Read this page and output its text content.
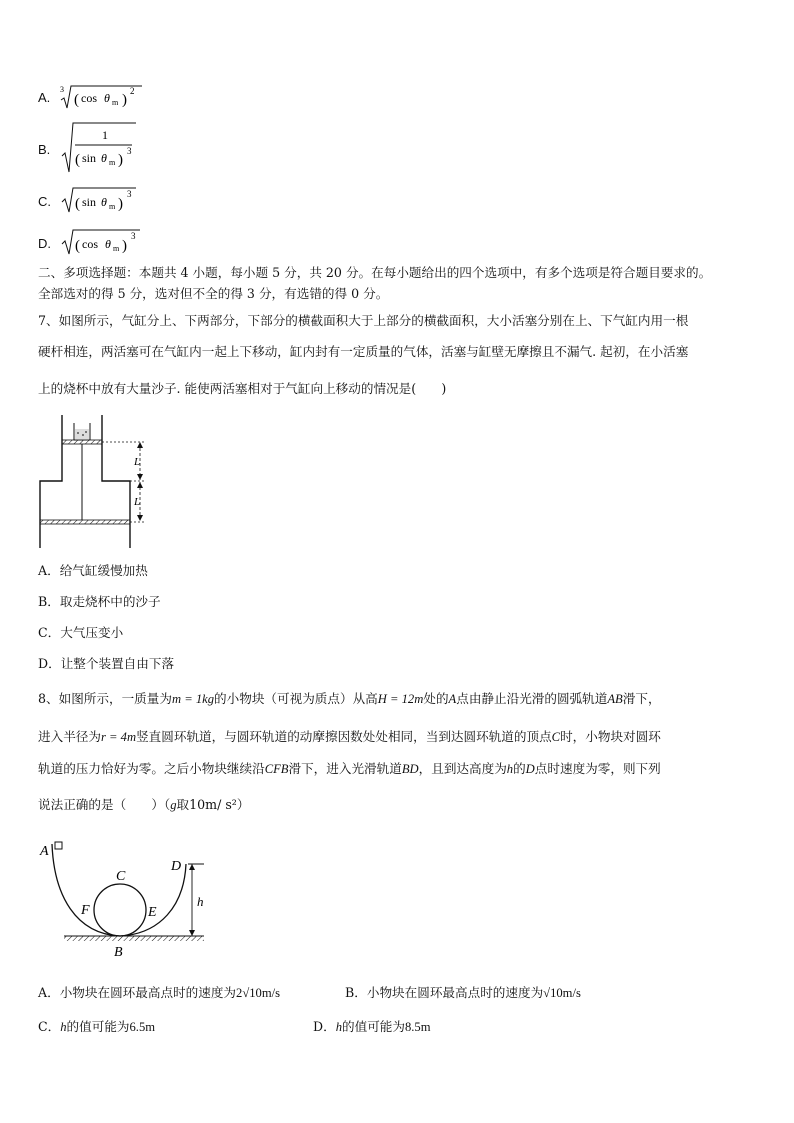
A.
3
( cos θ m )
2
B.
1
( sin θ m )
3
C. ( sin θ m )
3
D. ( cos θ m )
3
二、多项选择题：本题共 4 小题，每小题 5 分，共 20 分。在每小题给出的四个选项中，有多个选项是符合题目要求的。
全部选对的得 5 分，选对但不全的得 3 分，有选错的得 0 分。
7、如图所示，气缸分上、下两部分，下部分的横截面积大于上部分的横截面积，大小活塞分别在上、下气缸内用一根
硬杆相连，两活塞可在气缸内一起上下移动，缸内封有一定质量的气体，活塞与缸壁无摩擦且不漏气. 起初，在小活塞
上的烧杯中放有大量沙子. 能使两活塞相对于气缸向上移动的情况是(　　)
L
L
A．给气缸缓慢加热
B．取走烧杯中的沙子
C．大气压变小
D．让整个装置自由下落
8、如图所示，一质量为m = 1kg的小物块（可视为质点）从高H = 12m处的A点由静止沿光滑的圆弧轨道AB滑下，
进入半径为r = 4m竖直圆环轨道，与圆环轨道的动摩擦因数处处相同，当到达圆环轨道的顶点C时，小物块对圆环
轨道的压力恰好为零。之后小物块继续沿CFB滑下，进入光滑轨道BD，且到达高度为h的D点时速度为零，则下列
说法正确的是（　　）（g取10m/ s²）
A
C
D
F	E
B
h
A．小物块在圆环最高点时的速度为2√10m/s	B．小物块在圆环最高点时的速度为√10m/s
C．h的值可能为6.5m	D．h的值可能为8.5m
